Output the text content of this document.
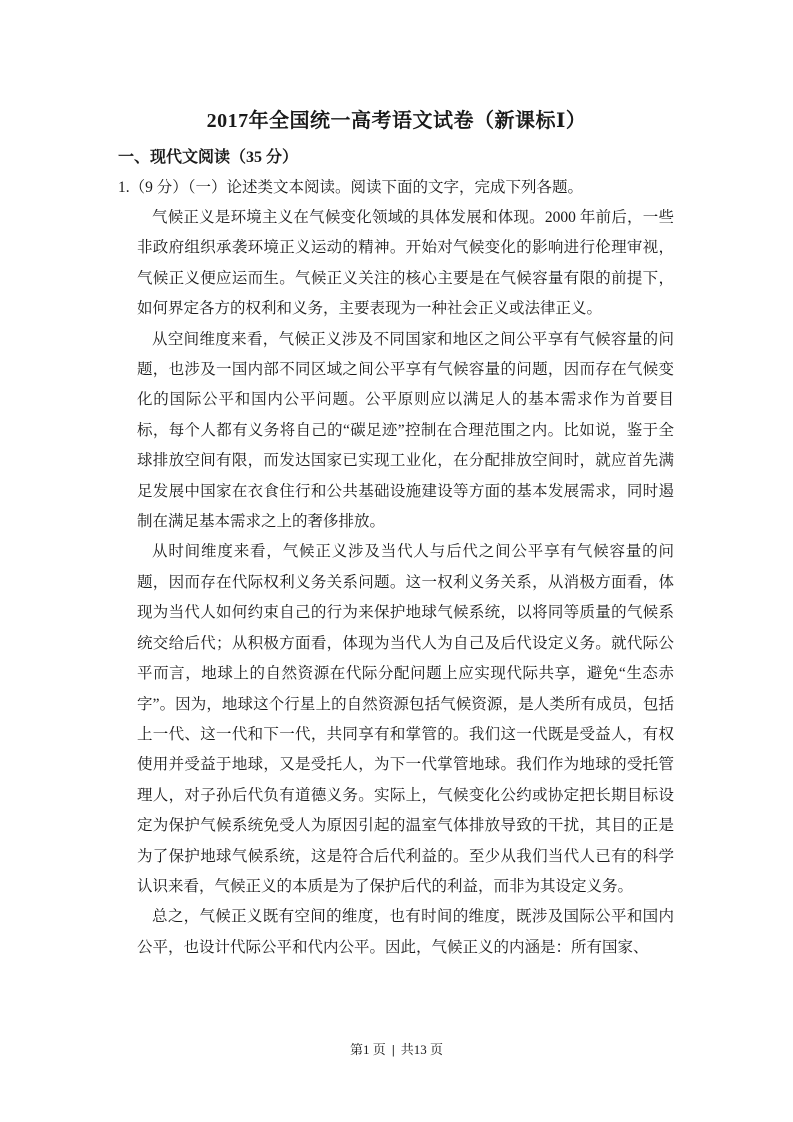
2017年全国统一高考语文试卷（新课标Ⅰ）
一、现代文阅读（35 分）
1.（9 分）（一）论述类文本阅读。阅读下面的文字，完成下列各题。

气候正义是环境主义在气候变化领域的具体发展和体现。2000 年前后，一些非政府组织承袭环境正义运动的精神。开始对气候变化的影响进行伦理审视，气候正义便应运而生。气候正义关注的核心主要是在气候容量有限的前提下，如何界定各方的权利和义务，主要表现为一种社会正义或法律正义。

从空间维度来看，气候正义涉及不同国家和地区之间公平享有气候容量的问题，也涉及一国内部不同区域之间公平享有气候容量的问题，因而存在气候变化的国际公平和国内公平问题。公平原则应以满足人的基本需求作为首要目标，每个人都有义务将自己的“碳足迹”控制在合理范围之内。比如说，鉴于全球排放空间有限，而发达国家已实现工业化，在分配排放空间时，就应首先满足发展中国家在衣食住行和公共基础设施建设等方面的基本发展需求，同时遏制在满足基本需求之上的奢侈排放。

从时间维度来看，气候正义涉及当代人与后代之间公平享有气候容量的问题，因而存在代际权利义务关系问题。这一权利义务关系，从消极方面看，体现为当代人如何约束自己的行为来保护地球气候系统，以将同等质量的气候系统交给后代；从积极方面看，体现为当代人为自己及后代设定义务。就代际公平而言，地球上的自然资源在代际分配问题上应实现代际共享，避免“生态赤字”。因为，地球这个行星上的自然资源包括气候资源，是人类所有成员，包括上一代、这一代和下一代，共同享有和掌管的。我们这一代既是受益人，有权使用并受益于地球，又是受托人，为下一代掌管地球。我们作为地球的受托管理人，对子孙后代负有道德义务。实际上，气候变化公约或协定把长期目标设定为保护气候系统免受人为原因引起的温室气体排放导致的干扰，其目的正是为了保护地球气候系统，这是符合后代利益的。至少从我们当代人已有的科学认识来看，气候正义的本质是为了保护后代的利益，而非为其设定义务。

总之，气候正义既有空间的维度，也有时间的维度，既涉及国际公平和国内公平，也设计代际公平和代内公平。因此，气候正义的内涵是：所有国家、

第1 页 | 共13 页
